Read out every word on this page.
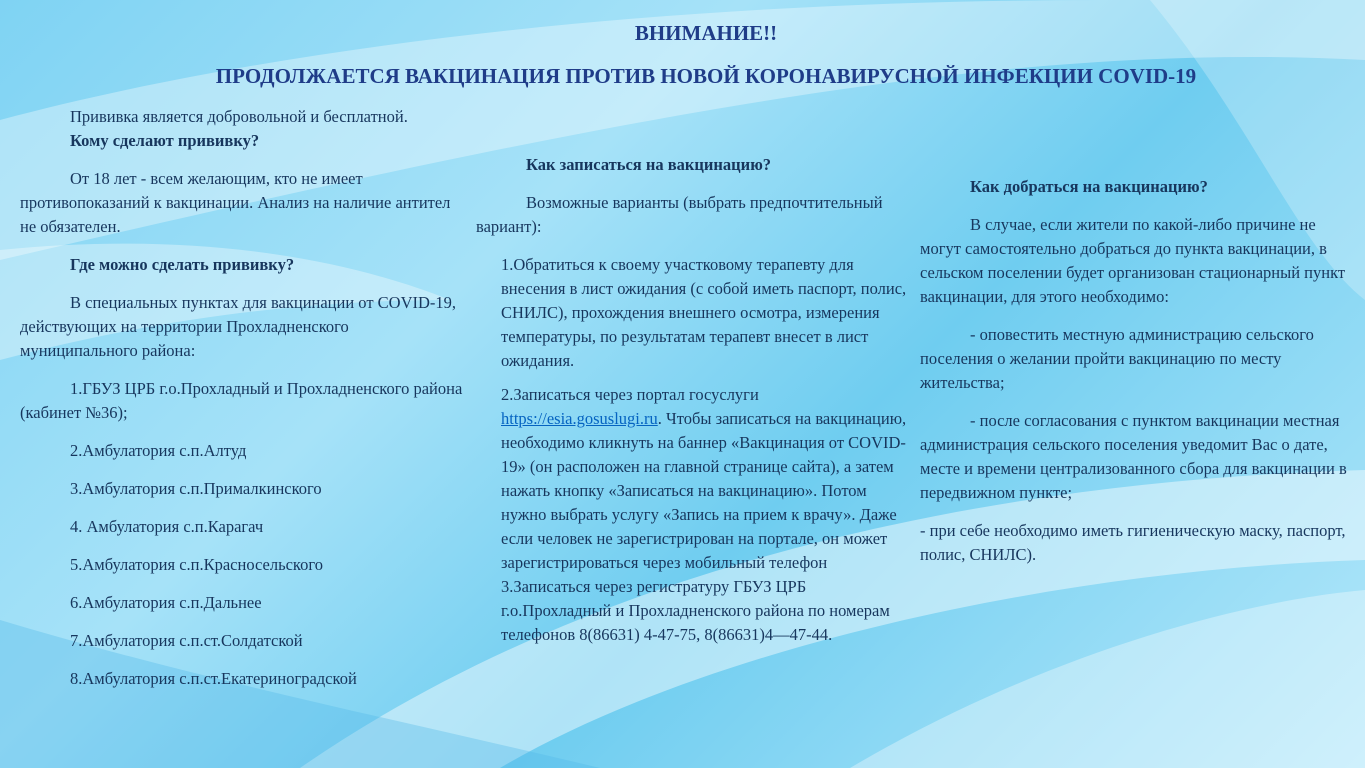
ВНИМАНИЕ!!
ПРОДОЛЖАЕТСЯ ВАКЦИНАЦИЯ ПРОТИВ НОВОЙ КОРОНАВИРУСНОЙ ИНФЕКЦИИ COVID-19

Прививка является добровольной и бесплатной.

Кому сделают прививку?

От 18 лет - всем желающим, кто не имеет противопоказаний к вакцинации. Анализ на наличие антител не обязателен.

Где можно сделать прививку?

В специальных пунктах для вакцинации от COVID-19, действующих на территории Прохладненского муниципального района:

1.ГБУЗ ЦРБ г.о.Прохладный и Прохладненского района (кабинет №36);

2.Амбулатория с.п.Алтуд

3.Амбулатория с.п.Прималкинского

4. Амбулатория с.п.Карагач

5.Амбулатория с.п.Красносельского

6.Амбулатория с.п.Дальнее

7.Амбулатория с.п.ст.Солдатской

8.Амбулатория с.п.ст.Екатериноградской

Как записаться на вакцинацию?

Возможные варианты (выбрать предпочтительный вариант):

1.Обратиться к своему участковому терапевту для внесения в лист ожидания (с собой иметь паспорт, полис, СНИЛС), прохождения внешнего осмотра, измерения температуры, по результатам терапевт внесет в лист ожидания.

2.Записаться через портал госуслуги
https://esia.gosuslugi.ru. Чтобы записаться на вакцинацию, необходимо кликнуть на баннер «Вакцинация от COVID-19» (он расположен на главной странице сайта), а затем нажать кнопку «Записаться на вакцинацию». Потом нужно выбрать услугу «Запись на прием к врачу». Даже если человек не зарегистрирован на портале, он может зарегистрироваться через мобильный телефон

3.Записаться через регистратуру ГБУЗ ЦРБ г.о.Прохладный и Прохладненского района по номерам телефонов 8(86631) 4-47-75, 8(86631)4—47-44.

Как добраться на вакцинацию?

В случае, если жители по какой-либо причине не могут самостоятельно добраться до пункта вакцинации, в сельском поселении будет организован стационарный пункт вакцинации, для этого необходимо:

- оповестить местную администрацию сельского поселения о желании пройти вакцинацию по месту жительства;

- после согласования с пунктом вакцинации местная администрация сельского поселения уведомит Вас о дате, месте и времени централизованного сбора для вакцинации в передвижном пункте;

- при себе необходимо иметь гигиеническую маску, паспорт, полис, СНИЛС).
